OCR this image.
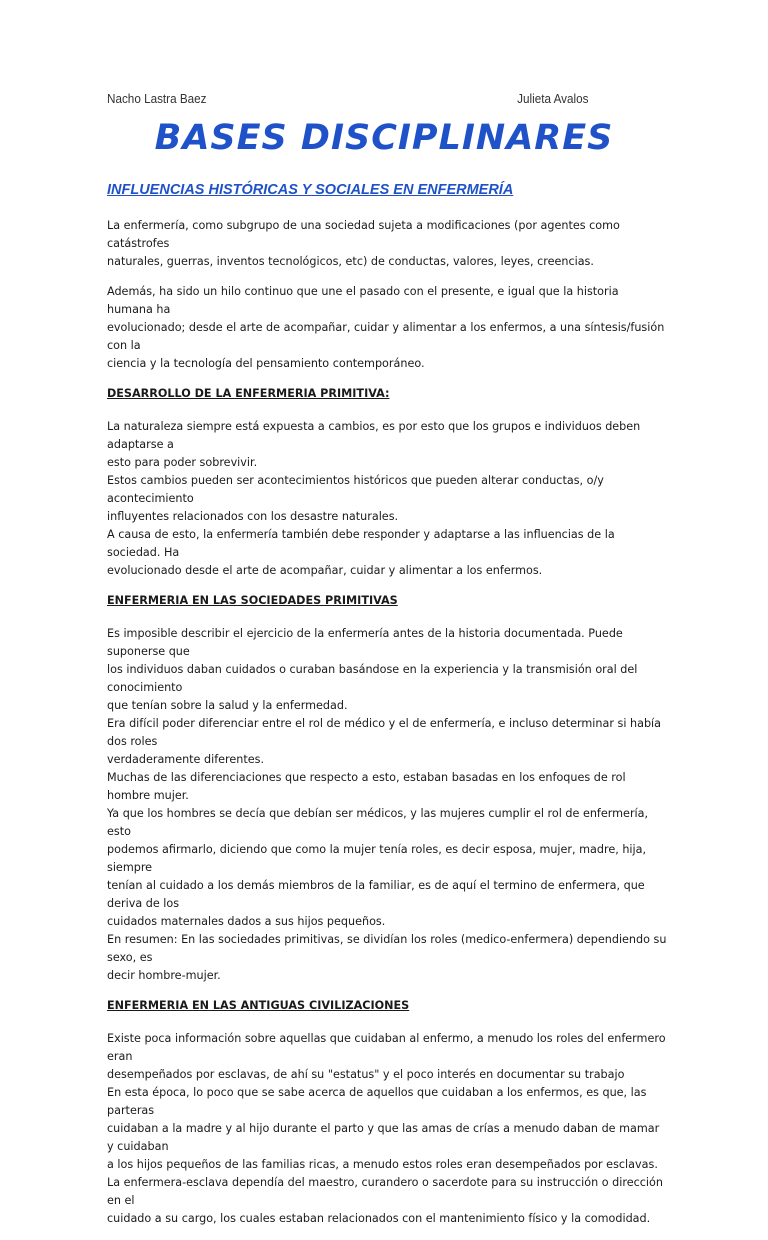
Nacho Lastra Baez	Julieta Avalos
BASES DISCIPLINARES
INFLUENCIAS HISTÓRICAS Y SOCIALES EN ENFERMERÍA

La enfermería, como subgrupo de una sociedad sujeta a modificaciones (por agentes como catástrofes
naturales, guerras, inventos tecnológicos, etc) de conductas, valores, leyes, creencias.

Además, ha sido un hilo continuo que une el pasado con el presente, e igual que la historia humana ha
evolucionado; desde el arte de acompañar, cuidar y alimentar a los enfermos, a una síntesis/fusión con la
ciencia y la tecnología del pensamiento contemporáneo.

DESARROLLO DE LA ENFERMERIA PRIMITIVA:

La naturaleza siempre está expuesta a cambios, es por esto que los grupos e individuos deben adaptarse a
esto para poder sobrevivir.
Estos cambios pueden ser acontecimientos históricos que pueden alterar conductas, o/y acontecimiento
influyentes relacionados con los desastre naturales.
A causa de esto, la enfermería también debe responder y adaptarse a las influencias de la sociedad. Ha
evolucionado desde el arte de acompañar, cuidar y alimentar a los enfermos.

ENFERMERIA EN LAS SOCIEDADES PRIMITIVAS

Es imposible describir el ejercicio de la enfermería antes de la historia documentada. Puede suponerse que
los individuos daban cuidados o curaban basándose en la experiencia y la transmisión oral del conocimiento
que tenían sobre la salud y la enfermedad.
Era difícil poder diferenciar entre el rol de médico y el de enfermería, e incluso determinar si había dos roles
verdaderamente diferentes.
Muchas de las diferenciaciones que respecto a esto, estaban basadas en los enfoques de rol hombre mujer.
Ya que los hombres se decía que debían ser médicos, y las mujeres cumplir el rol de enfermería, esto
podemos afirmarlo, diciendo que como la mujer tenía roles, es decir esposa, mujer, madre, hija, siempre
tenían al cuidado a los demás miembros de la familiar, es de aquí el termino de enfermera, que deriva de los
cuidados maternales dados a sus hijos pequeños.
En resumen: En las sociedades primitivas, se dividían los roles (medico-enfermera) dependiendo su sexo, es
decir hombre-mujer.

ENFERMERIA EN LAS ANTIGUAS CIVILIZACIONES

Existe poca información sobre aquellas que cuidaban al enfermo, a menudo los roles del enfermero eran
desempeñados por esclavas, de ahí su "estatus" y el poco interés en documentar su trabajo
En esta época, lo poco que se sabe acerca de aquellos que cuidaban a los enfermos, es que, las parteras
cuidaban a la madre y al hijo durante el parto y que las amas de crías a menudo daban de mamar y cuidaban
a los hijos pequeños de las familias ricas, a menudo estos roles eran desempeñados por esclavas.
La enfermera-esclava dependía del maestro, curandero o sacerdote para su instrucción o dirección en el
cuidado a su cargo, los cuales estaban relacionados con el mantenimiento físico y la comodidad.
